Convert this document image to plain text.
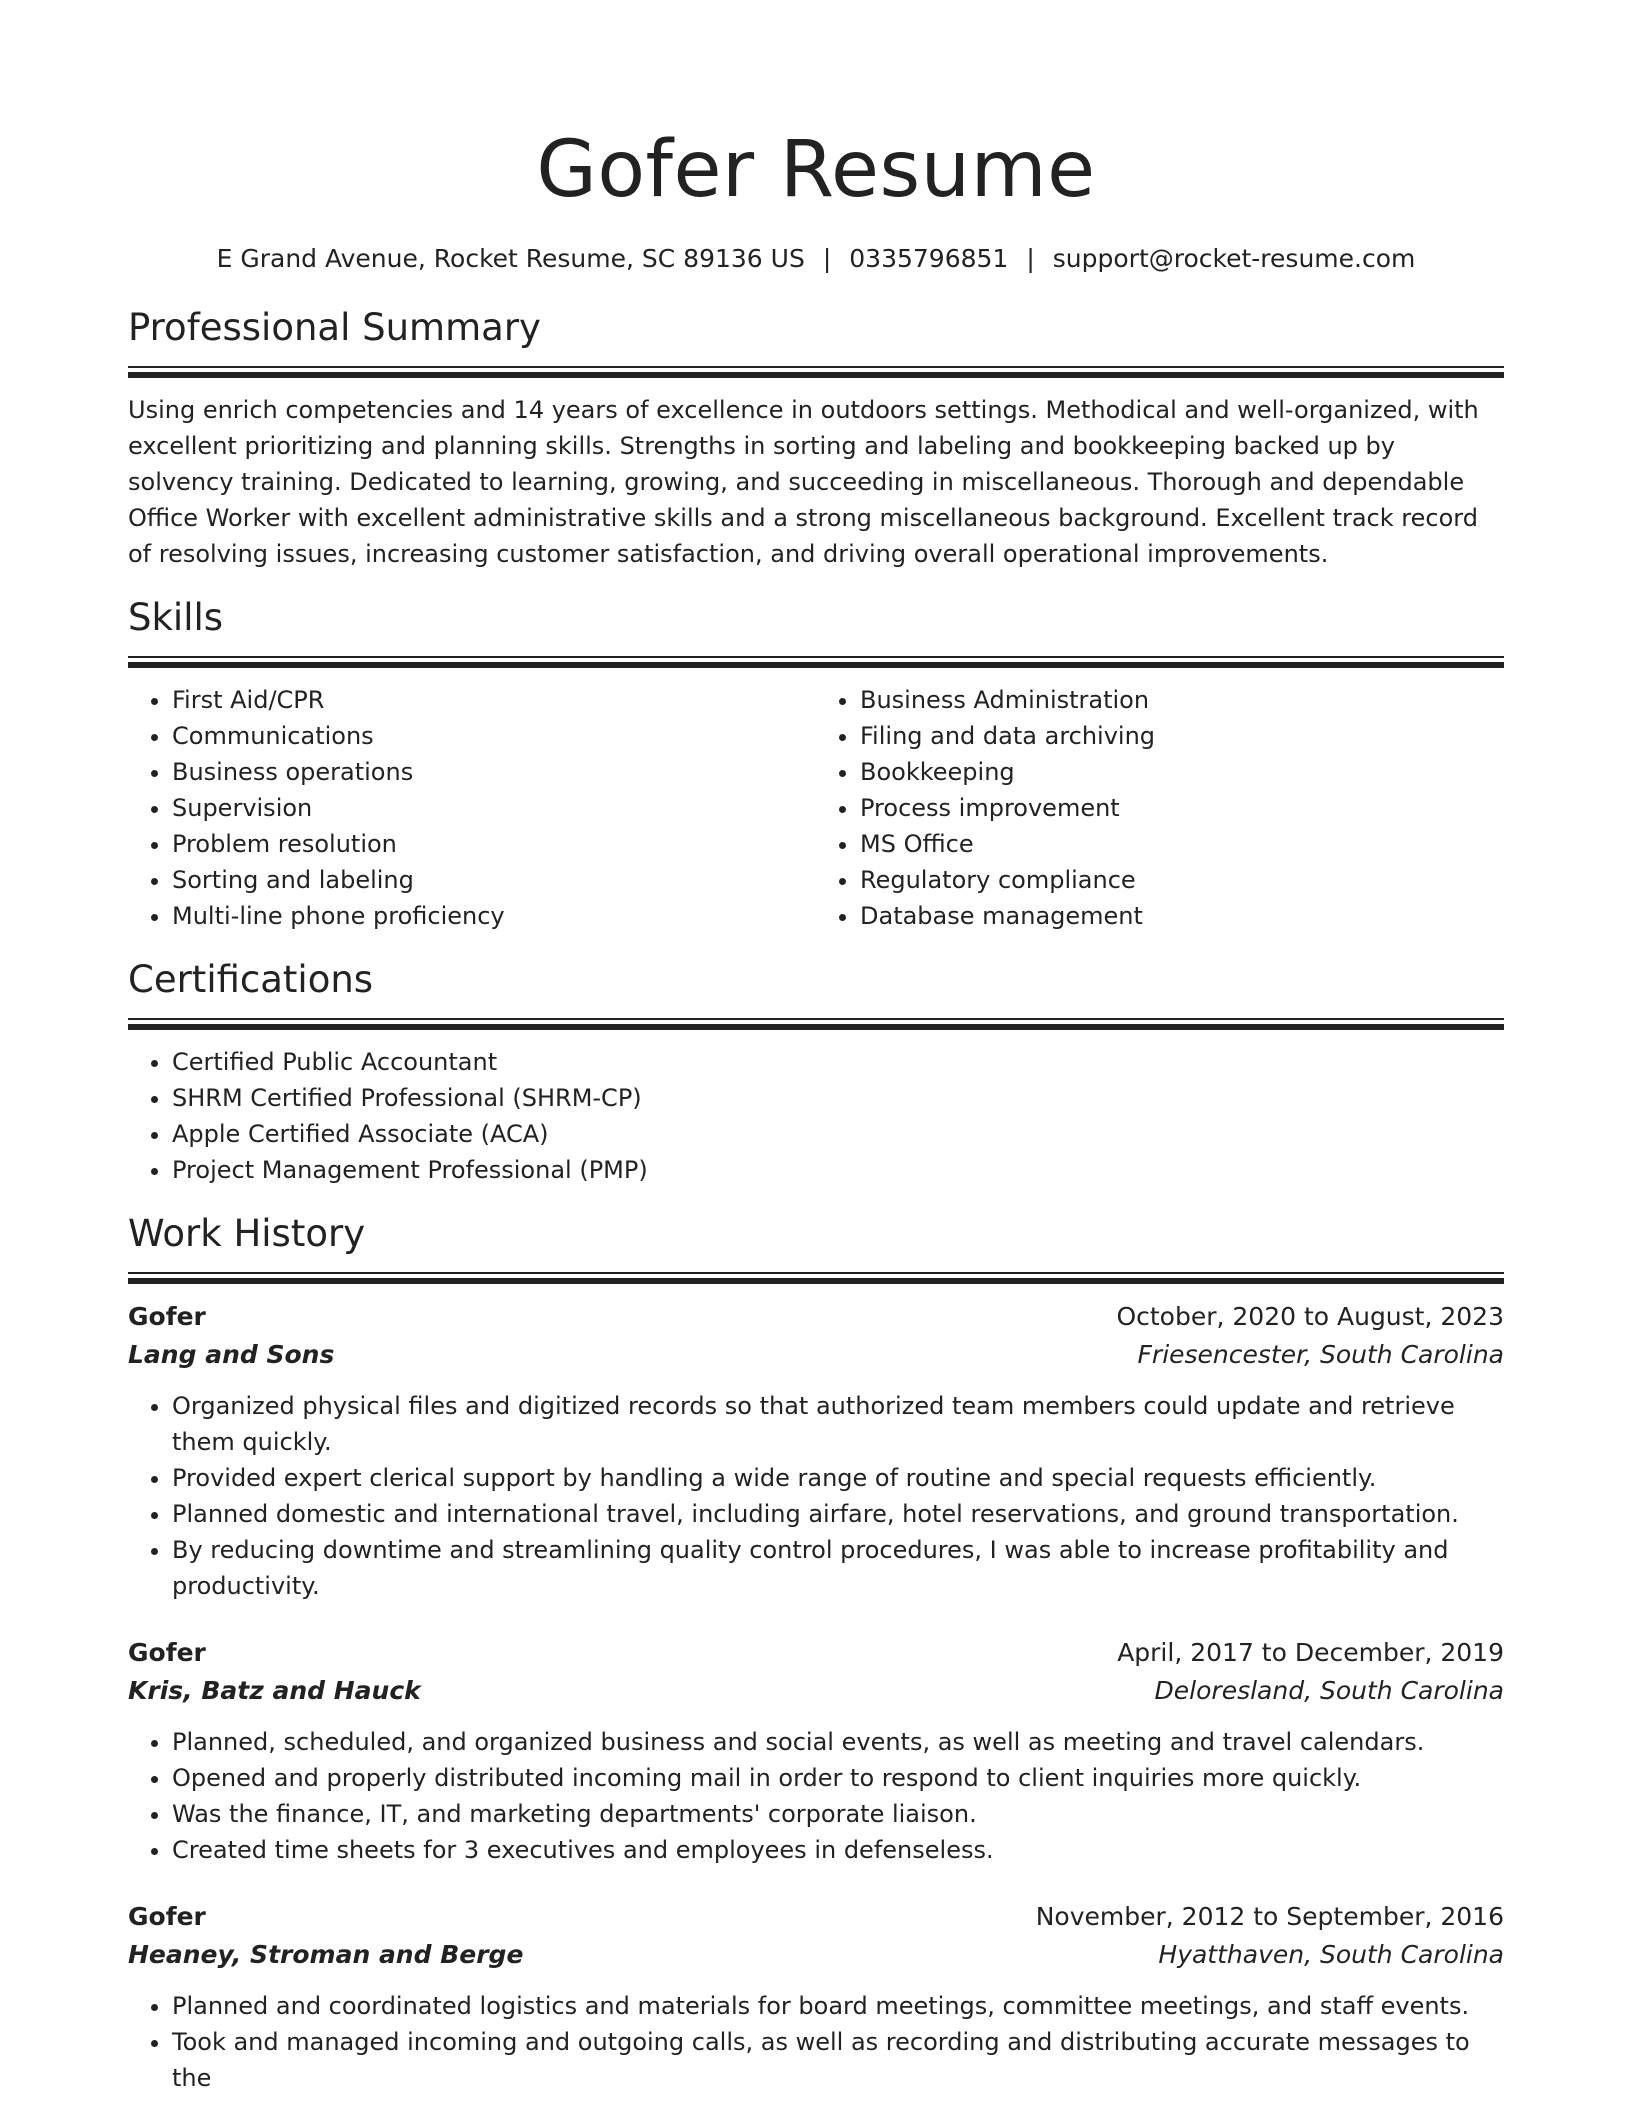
Gofer Resume
E Grand Avenue, Rocket Resume, SC 89136 US | 0335796851 | support@rocket-resume.com
Professional Summary

Using enrich competencies and 14 years of excellence in outdoors settings. Methodical and well-organized, with excellent prioritizing and planning skills. Strengths in sorting and labeling and bookkeeping backed up by solvency training. Dedicated to learning, growing, and succeeding in miscellaneous. Thorough and dependable Office Worker with excellent administrative skills and a strong miscellaneous background. Excellent track record of resolving issues, increasing customer satisfaction, and driving overall operational improvements.

Skills
• First Aid/CPR
• Communications
• Business operations
• Supervision
• Problem resolution
• Sorting and labeling
• Multi-line phone proficiency
• Business Administration
• Filing and data archiving
• Bookkeeping
• Process improvement
• MS Office
• Regulatory compliance
• Database management
Certifications
• Certified Public Accountant
• SHRM Certified Professional (SHRM-CP)
• Apple Certified Associate (ACA)
• Project Management Professional (PMP)
Work History
Gofer	October, 2020 to August, 2023
Lang and Sons	Friesencester, South Carolina
• Organized physical files and digitized records so that authorized team members could update and retrieve them quickly.
• Provided expert clerical support by handling a wide range of routine and special requests efficiently.
• Planned domestic and international travel, including airfare, hotel reservations, and ground transportation.
• By reducing downtime and streamlining quality control procedures, I was able to increase profitability and productivity.
Gofer	April, 2017 to December, 2019
Kris, Batz and Hauck	Deloresland, South Carolina
• Planned, scheduled, and organized business and social events, as well as meeting and travel calendars.
• Opened and properly distributed incoming mail in order to respond to client inquiries more quickly.
• Was the finance, IT, and marketing departments' corporate liaison.
• Created time sheets for 3 executives and employees in defenseless.
Gofer	November, 2012 to September, 2016
Heaney, Stroman and Berge	Hyatthaven, South Carolina
• Planned and coordinated logistics and materials for board meetings, committee meetings, and staff events.
• Took and managed incoming and outgoing calls, as well as recording and distributing accurate messages to the
